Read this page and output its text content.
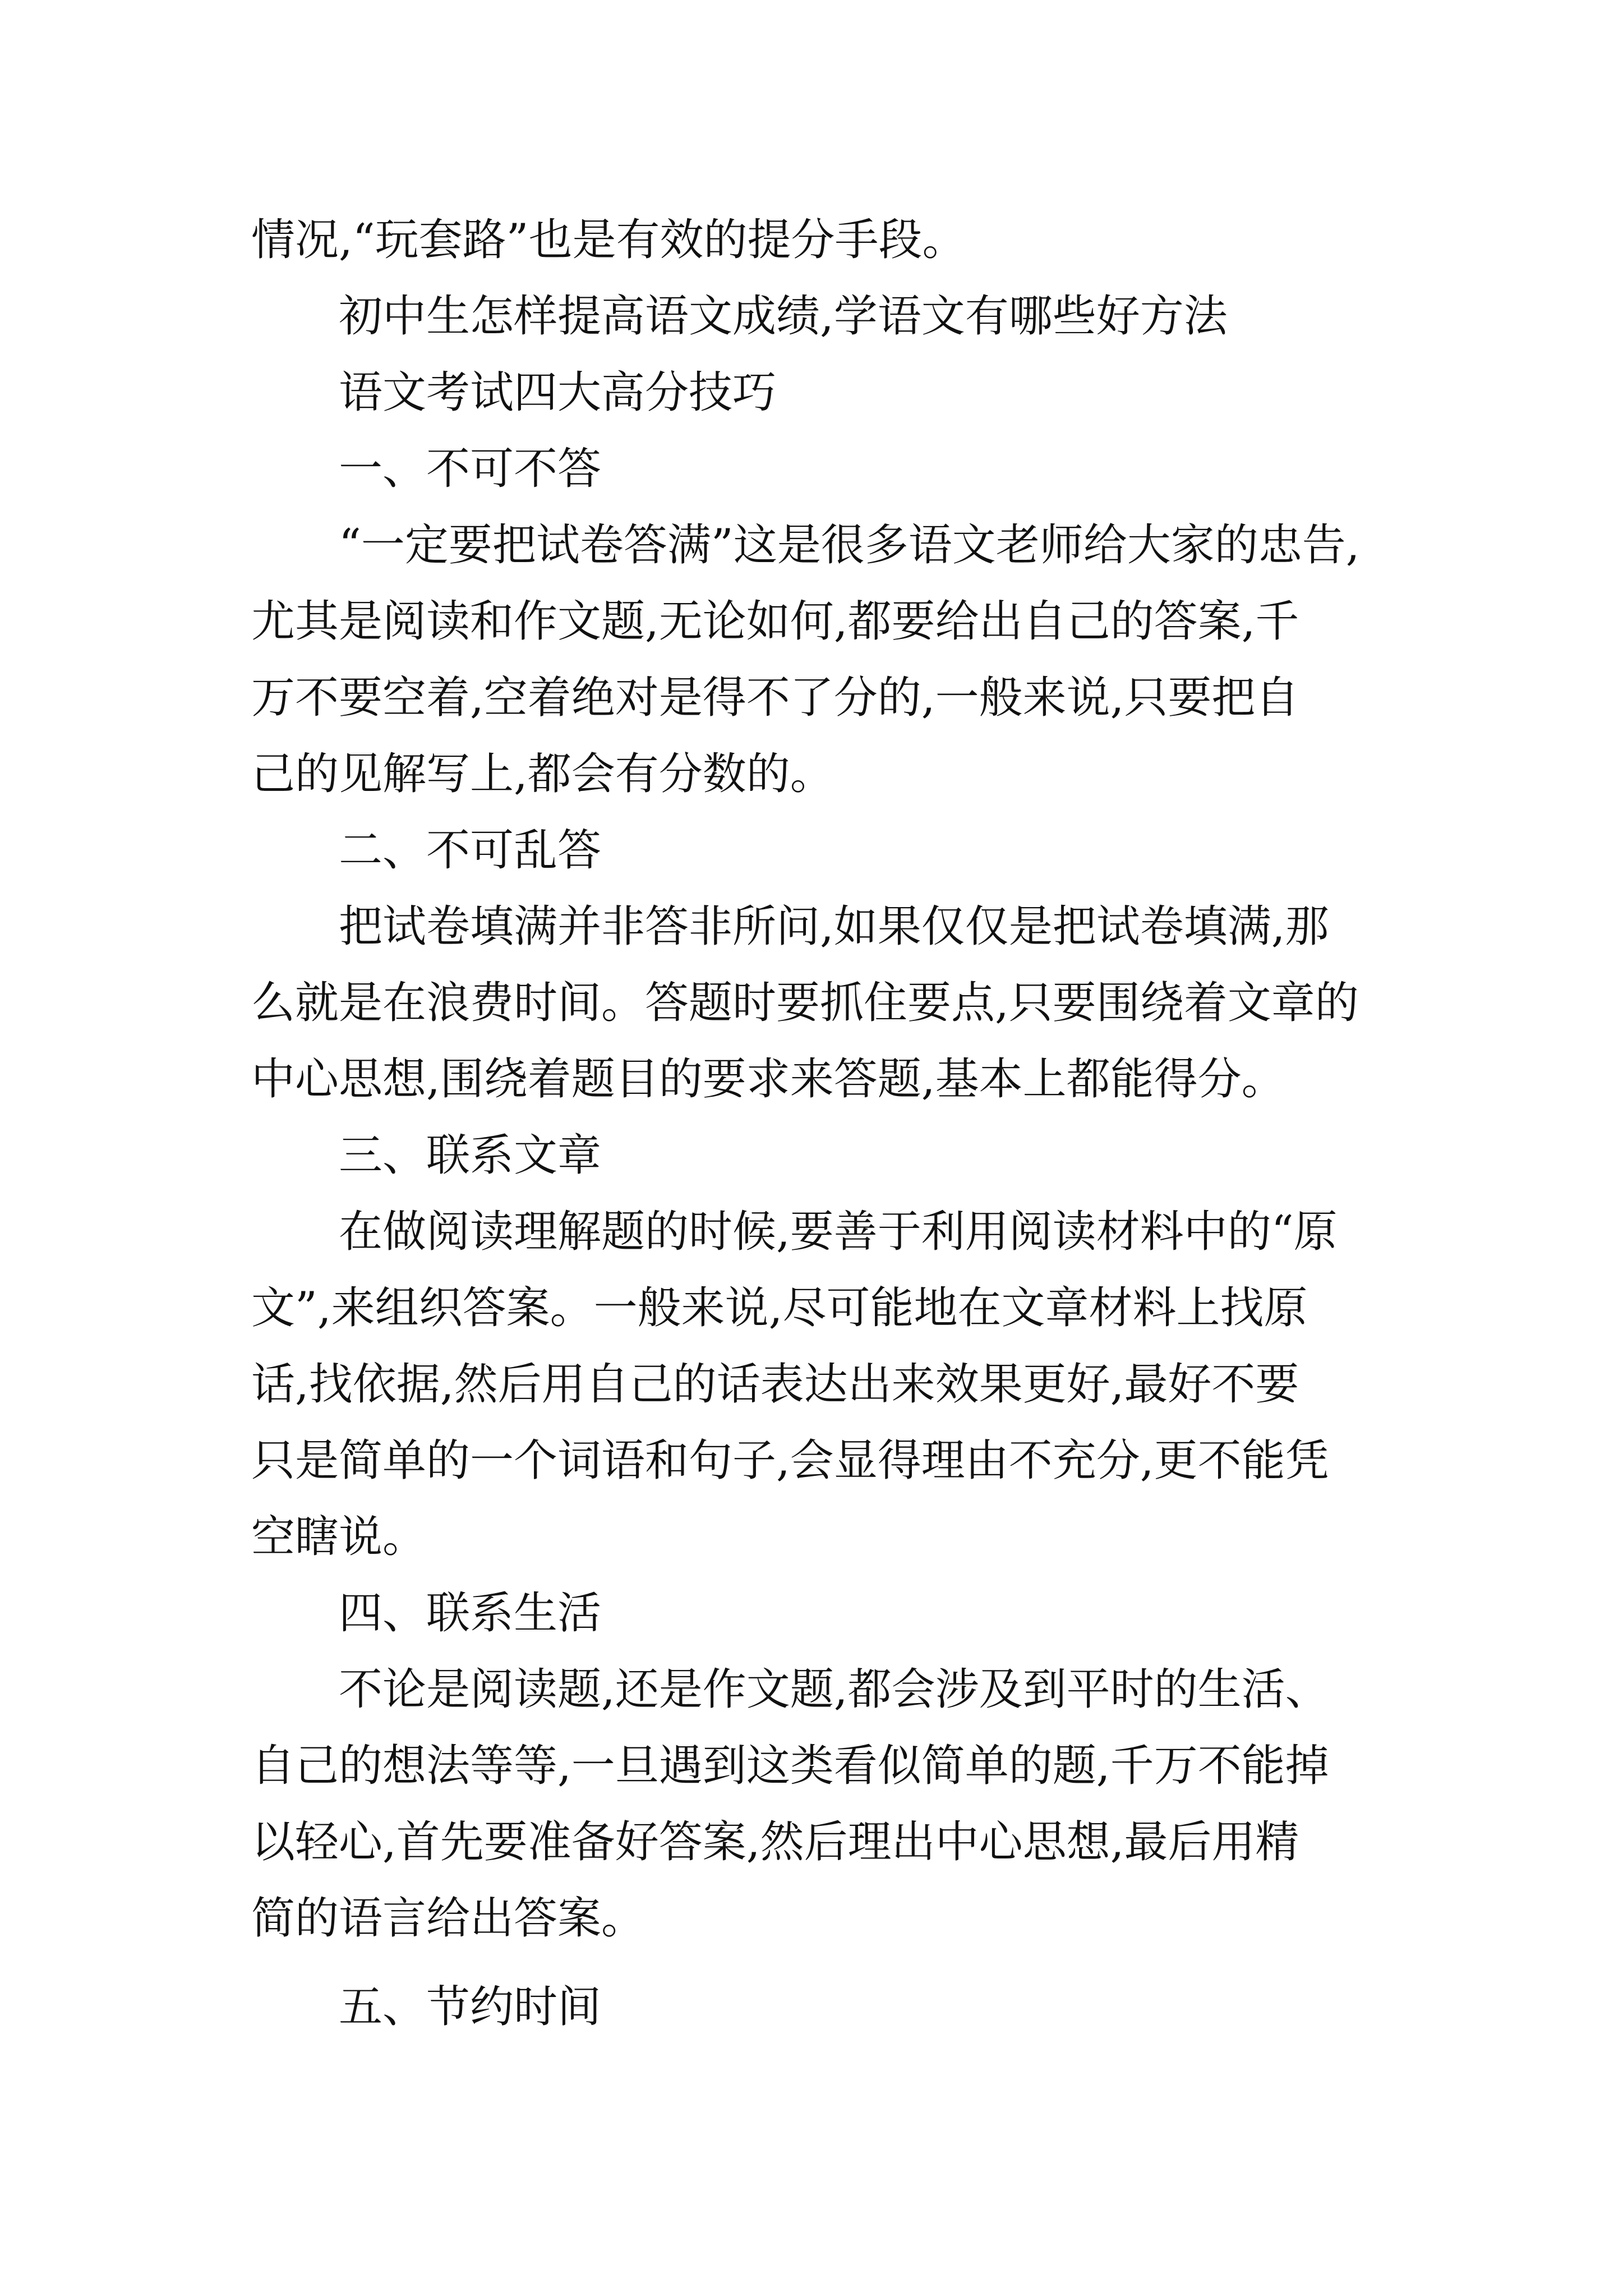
情况,“玩套路”也是有效的提分手段。
初中生怎样提高语文成绩,学语文有哪些好方法
语文考试四大高分技巧
一、不可不答
“一定要把试卷答满”这是很多语文老师给大家的忠告,
尤其是阅读和作文题,无论如何,都要给出自己的答案,千
万不要空着,空着绝对是得不了分的,一般来说,只要把自
己的见解写上,都会有分数的。
二、不可乱答
把试卷填满并非答非所问,如果仅仅是把试卷填满,那
么就是在浪费时间。答题时要抓住要点,只要围绕着文章的
中心思想,围绕着题目的要求来答题,基本上都能得分。
三、联系文章
在做阅读理解题的时候,要善于利用阅读材料中的“原
文”,来组织答案。一般来说,尽可能地在文章材料上找原
话,找依据,然后用自己的话表达出来效果更好,最好不要
只是简单的一个词语和句子,会显得理由不充分,更不能凭
空瞎说。
四、联系生活
不论是阅读题,还是作文题,都会涉及到平时的生活、
自己的想法等等,一旦遇到这类看似简单的题,千万不能掉
以轻心,首先要准备好答案,然后理出中心思想,最后用精
简的语言给出答案。
五、节约时间
